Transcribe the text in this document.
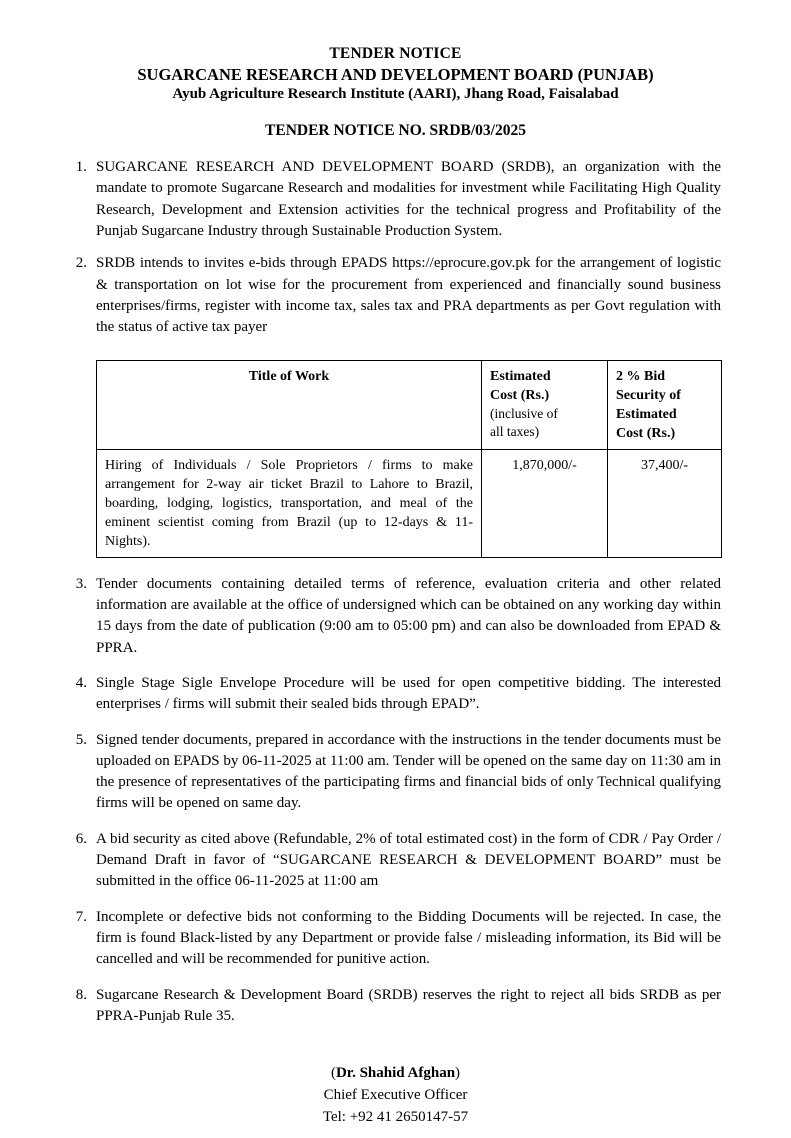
TENDER NOTICE
SUGARCANE RESEARCH AND DEVELOPMENT BOARD (PUNJAB)
Ayub Agriculture Research Institute (AARI), Jhang Road, Faisalabad
TENDER NOTICE NO. SRDB/03/2025
1. SUGARCANE RESEARCH AND DEVELOPMENT BOARD (SRDB), an organization with the mandate to promote Sugarcane Research and modalities for investment while Facilitating High Quality Research, Development and Extension activities for the technical progress and Profitability of the Punjab Sugarcane Industry through Sustainable Production System.
2. SRDB intends to invites e-bids through EPADS https://eprocure.gov.pk for the arrangement of logistic & transportation on lot wise for the procurement from experienced and financially sound business enterprises/firms, register with income tax, sales tax and PRA departments as per Govt regulation with the status of active tax payer
Title of Work	Estimated
Cost (Rs.)
(inclusive of
all taxes)	2 % Bid
Security of
Estimated
Cost (Rs.)
Hiring of Individuals / Sole Proprietors / firms to make arrangement for 2-way air ticket Brazil to Lahore to Brazil, boarding, lodging, logistics, transportation, and meal of the eminent scientist coming from Brazil (up to 12-days & 11-Nights).	1,870,000/-	37,400/-
3. Tender documents containing detailed terms of reference, evaluation criteria and other related information are available at the office of undersigned which can be obtained on any working day within 15 days from the date of publication (9:00 am to 05:00 pm) and can also be downloaded from EPAD & PPRA.
4. Single Stage Sigle Envelope Procedure will be used for open competitive bidding. The interested enterprises / firms will submit their sealed bids through EPAD”.
5. Signed tender documents, prepared in accordance with the instructions in the tender documents must be uploaded on EPADS by 06-11-2025 at 11:00 am. Tender will be opened on the same day on 11:30 am in the presence of representatives of the participating firms and financial bids of only Technical qualifying firms will be opened on same day.
6. A bid security as cited above (Refundable, 2% of total estimated cost) in the form of CDR / Pay Order / Demand Draft in favor of “SUGARCANE RESEARCH & DEVELOPMENT BOARD” must be submitted in the office 06-11-2025 at 11:00 am
7. Incomplete or defective bids not conforming to the Bidding Documents will be rejected. In case, the firm is found Black-listed by any Department or provide false / misleading information, its Bid will be cancelled and will be recommended for punitive action.
8. Sugarcane Research & Development Board (SRDB) reserves the right to reject all bids SRDB as per PPRA-Punjab Rule 35.
(Dr. Shahid Afghan)
Chief Executive Officer
Tel: +92 41 2650147-57
